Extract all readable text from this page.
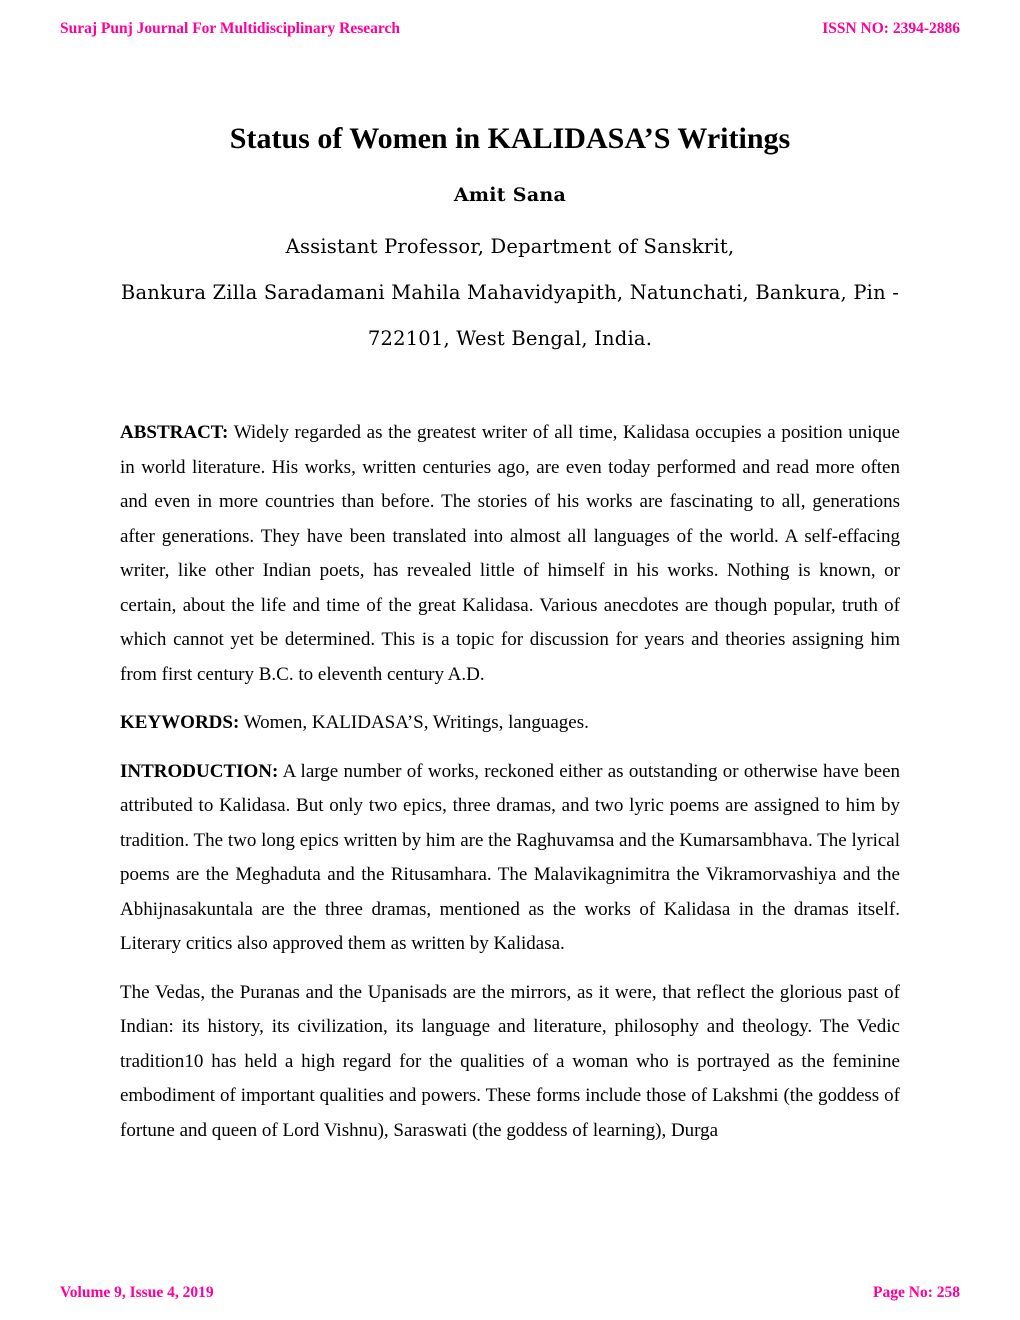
Suraj Punj Journal For Multidisciplinary Research	ISSN NO: 2394-2886
Status of Women in KALIDASA’S Writings
Amit Sana
Assistant Professor, Department of Sanskrit,
Bankura Zilla Saradamani Mahila Mahavidyapith, Natunchati, Bankura, Pin -
722101, West Bengal, India.

ABSTRACT: Widely regarded as the greatest writer of all time, Kalidasa occupies a position unique in world literature. His works, written centuries ago, are even today performed and read more often and even in more countries than before. The stories of his works are fascinating to all, generations after generations. They have been translated into almost all languages of the world. A self-effacing writer, like other Indian poets, has revealed little of himself in his works. Nothing is known, or certain, about the life and time of the great Kalidasa. Various anecdotes are though popular, truth of which cannot yet be determined. This is a topic for discussion for years and theories assigning him from first century B.C. to eleventh century A.D.

KEYWORDS: Women, KALIDASA’S, Writings, languages.

INTRODUCTION: A large number of works, reckoned either as outstanding or otherwise have been attributed to Kalidasa. But only two epics, three dramas, and two lyric poems are assigned to him by tradition. The two long epics written by him are the Raghuvamsa and the Kumarsambhava. The lyrical poems are the Meghaduta and the Ritusamhara. The Malavikagnimitra the Vikramorvashiya and the Abhijnasakuntala are the three dramas, mentioned as the works of Kalidasa in the dramas itself. Literary critics also approved them as written by Kalidasa.

The Vedas, the Puranas and the Upanisads are the mirrors, as it were, that reflect the glorious past of Indian: its history, its civilization, its language and literature, philosophy and theology. The Vedic tradition10 has held a high regard for the qualities of a woman who is portrayed as the feminine embodiment of important qualities and powers. These forms include those of Lakshmi (the goddess of fortune and queen of Lord Vishnu), Saraswati (the goddess of learning), Durga

Volume 9, Issue 4, 2019	Page No: 258
